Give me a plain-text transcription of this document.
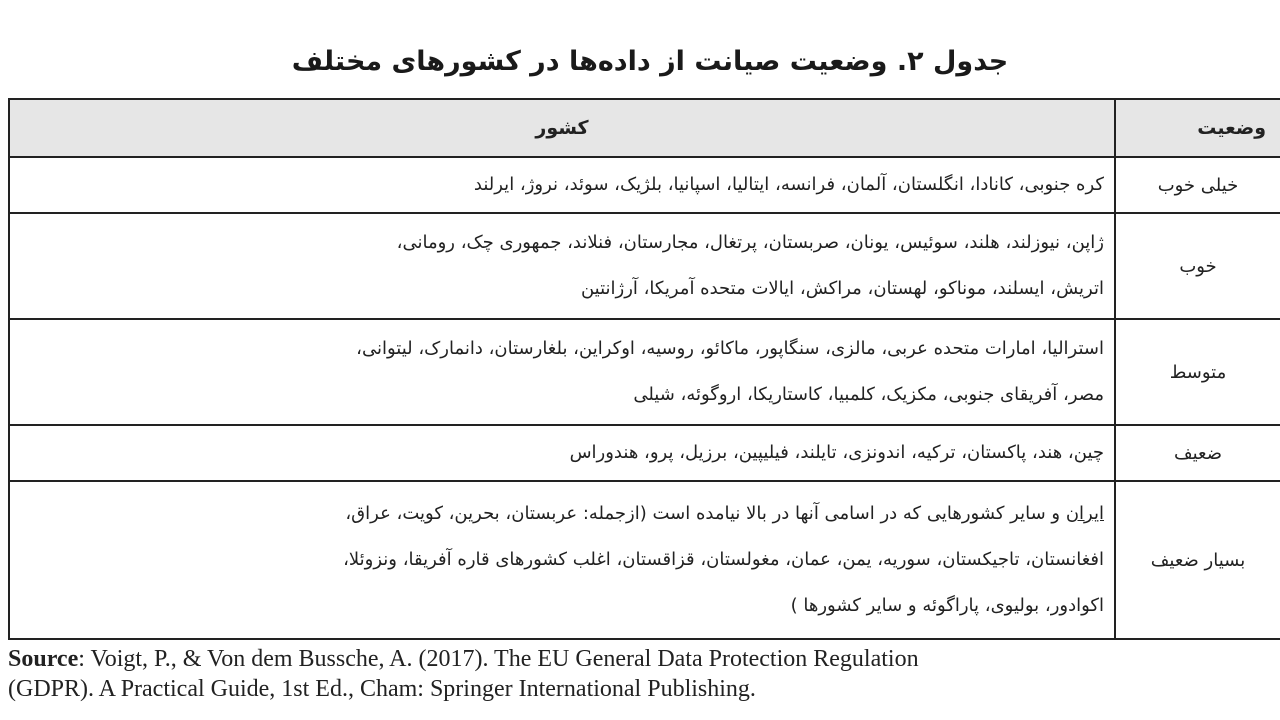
جدول ۲. وضعیت صیانت از داده‌ها در کشورهای مختلف
وضعیت	کشور
خیلی خوب	کره جنوبی، کانادا، انگلستان، آلمان، فرانسه، ایتالیا، اسپانیا، بلژیک، سوئد، نروژ، ایرلند

خوب	ژاپن، نیوزلند، هلند، سوئیس، یونان، صربستان، پرتغال، مجارستان، فنلاند، جمهوری چک، رومانی،
اتریش، ایسلند، موناکو، لهستان، مراکش، ایالات متحده آمریکا، آرژانتین

متوسط	استرالیا، امارات متحده عربی، مالزی، سنگاپور، ماکائو، روسیه، اوکراین، بلغارستان، دانمارک، لیتوانی،
مصر، آفریقای جنوبی، مکزیک، کلمبیا، کاستاریکا، اروگوئه، شیلی

ضعیف	چین، هند، پاکستان، ترکیه، اندونزی، تایلند، فیلیپین، برزیل، پرو، هندوراس

بسیار ضعیف	ایران و سایر کشورهایی که در اسامی آنها در بالا نیامده است (ازجمله: عربستان، بحرین، کویت، عراق،
افغانستان، تاجیکستان، سوریه، یمن، عمان، مغولستان، قزاقستان، اغلب کشورهای قاره آفریقا، ونزوئلا،
اکوادور، بولیوی، پاراگوئه و سایر کشورها )
Source: Voigt, P., & Von dem Bussche, A. (2017). The EU General Data Protection Regulation
(GDPR). A Practical Guide, 1st Ed., Cham: Springer International Publishing.
